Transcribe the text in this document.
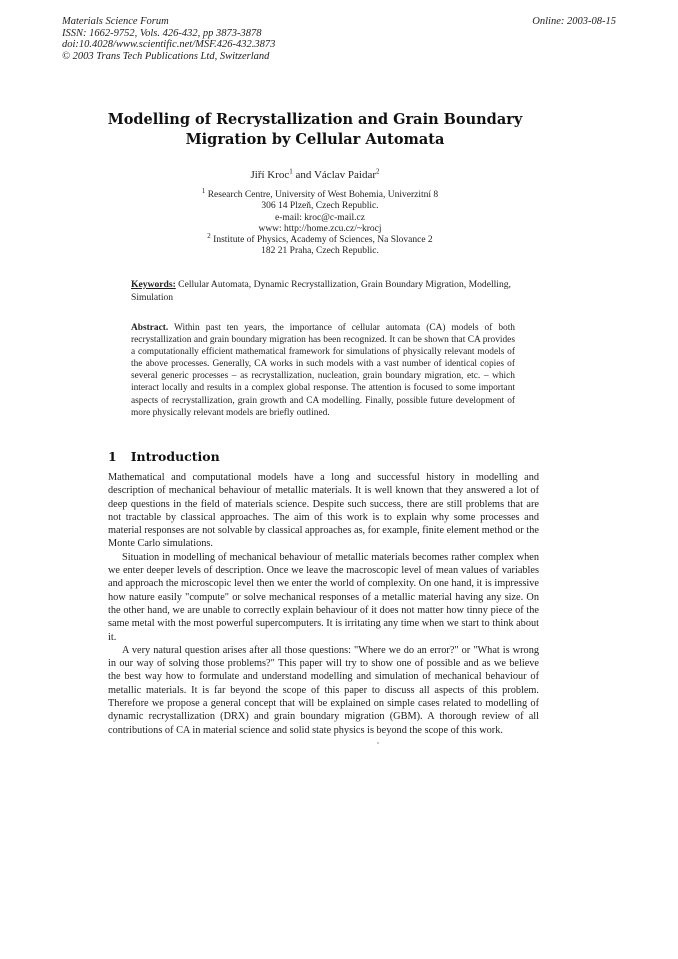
Materials Science Forum
ISSN: 1662-9752, Vols. 426-432, pp 3873-3878
doi:10.4028/www.scientific.net/MSF.426-432.3873
© 2003 Trans Tech Publications Ltd, Switzerland
Online: 2003-08-15
Modelling of Recrystallization and Grain Boundary
Migration by Cellular Automata
Jiří Kroc$^1$ and Václav Paidar$^2$
$^1$ Research Centre, University of West Bohemia, Univerzitní 8
306 14 Plzeň, Czech Republic.
e-mail: kroc@c-mail.cz
www: http://home.zcu.cz/~krocj
$^2$ Institute of Physics, Academy of Sciences, Na Slovance 2
182 21 Praha, Czech Republic.
Keywords: Cellular Automata, Dynamic Recrystallization, Grain Boundary Migration, Modelling, Simulation
Abstract. Within past ten years, the importance of cellular automata (CA) models of both recrystallization and grain boundary migration has been recognized. It can be shown that CA provides a computationally efficient mathematical framework for simulations of physically relevant models of the above processes. Generally, CA works in such models with a vast number of identical copies of several generic processes – as recrystallization, nucleation, grain boundary migration, etc. – which interact locally and results in a complex global response. The attention is focused to some important aspects of recrystallization, grain growth and CA modelling. Finally, possible future development of more physically relevant models are briefly outlined.
1 Introduction

Mathematical and computational models have a long and successful history in modelling and description of mechanical behaviour of metallic materials. It is well known that they answered a lot of deep questions in the field of materials science. Despite such success, there are still problems that are not tractable by classical approaches. The aim of this work is to explain why some processes and material responses are not solvable by classical approaches as, for example, finite element method or the Monte Carlo simulations.

Situation in modelling of mechanical behaviour of metallic materials becomes rather complex when we enter deeper levels of description. Once we leave the macroscopic level of mean values of variables and approach the microscopic level then we enter the world of complexity. On one hand, it is impressive how nature easily "compute" or solve mechanical responses of a metallic material having any size. On the other hand, we are unable to correctly explain behaviour of it does not matter how tinny piece of the same metal with the most powerful supercomputers. It is irritating any time when we start to think about it.

A very natural question arises after all those questions: "Where we do an error?" or "What is wrong in our way of solving those problems?" This paper will try to show one of possible and as we believe the best way how to formulate and understand modelling and simulation of mechanical behaviour of metallic materials. It is far beyond the scope of this paper to discuss all aspects of this problem. Therefore we propose a general concept that will be explained on simple cases related to modelling of dynamic recrystallization (DRX) and grain boundary migration (GBM). A thorough review of all contributions of CA in material science and solid state physics is beyond the scope of this work.
